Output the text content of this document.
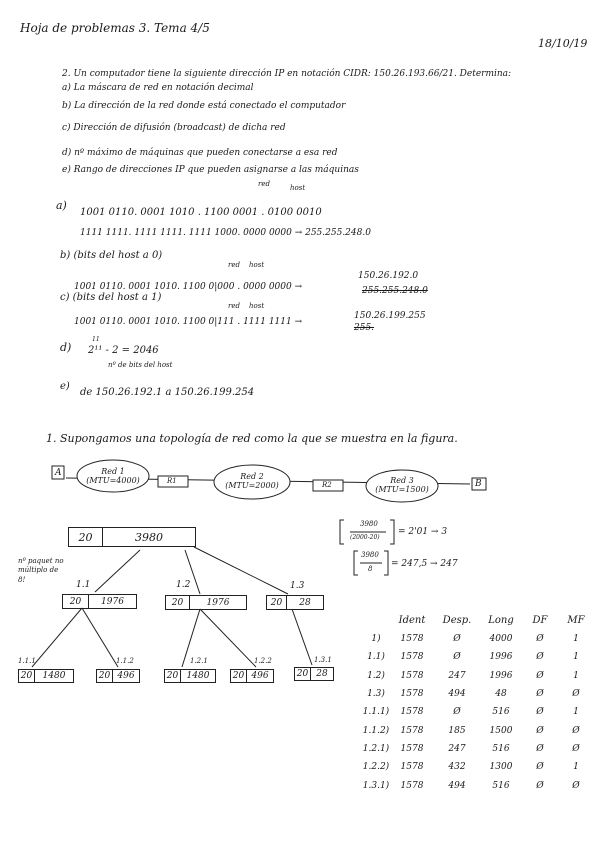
Hoja de problemas 3. Tema 4/5
18/10/19
2. Un computador tiene la siguiente dirección IP en notación CIDR: 150.26.193.66/21. Determina:
a) La máscara de red en notación decimal
b) La dirección de la red donde está conectado el computador
c) Dirección de difusión (broadcast) de dicha red
d) nº máximo de máquinas que pueden conectarse a esa red
e) Rango de direcciones IP que pueden asignarse a las máquinas
red	host
a)
1001 0110. 0001 1010 . 1100 0001 . 0100 0010
1111 1111. 1111 1111. 1111 1000. 0000 0000 → 255.255.248.0
b) (bits del host a 0)
red host
1001 0110. 0001 1010. 1100 0|000 . 0000 0000 →
150.26.192.0
255.255.248.0
c) (bits del host a 1)
red host
1001 0110. 0001 1010. 1100 0|111 . 1111 1111 →
150.26.199.255
255.
d)
11
2¹¹ - 2 = 2046
nº de bits del host
e)
de 150.26.192.1 a 150.26.199.254
1. Supongamos una topología de red como la que se muestra en la figura.
A
B
Red 1
(MTU=4000)	Red 2
(MTU=2000)
Red 3
(MTU=1500)
R1	R2
3980
(2000-20)
= 2'01 → 3
3980
8 = 247,5 → 247
nº paquet no múltiplo de 8!
20	3980
1.1
20	1976
1.2
20	1976
1.3
20	28
1.1.1
20	1480
1.1.2
20 496
1.2.1
20 1480
1.2.2
20 496
1.3.1
20 28
	Ident	Desp.	Long	DF	MF
1)	1578	Ø	4000	Ø	1
1.1)	1578	Ø	1996	Ø	1
1.2)	1578	247	1996	Ø	1
1.3)	1578	494	48	Ø	Ø
1.1.1)	1578	Ø	516	Ø	1
1.1.2)	1578	185	1500	Ø	Ø
1.2.1)	1578	247	516	Ø	Ø
1.2.2)	1578	432	1300	Ø	1
1.3.1)	1578	494	516	Ø	Ø
